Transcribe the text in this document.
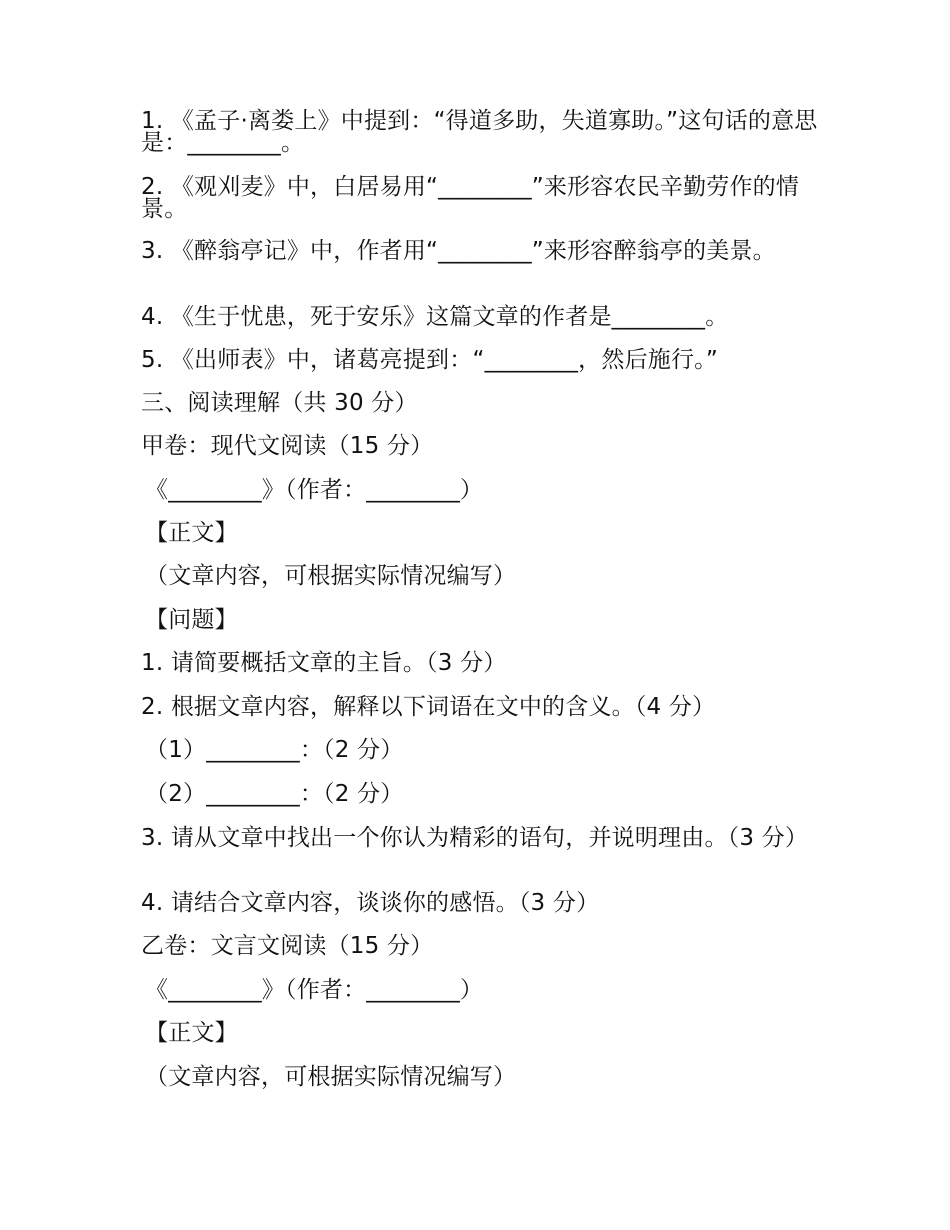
1. 《孟子·离娄上》中提到：“得道多助，失道寡助。”这句话的意思是：________。
2. 《观刈麦》中，白居易用“________”来形容农民辛勤劳作的情景。
3. 《醉翁亭记》中，作者用“________”来形容醉翁亭的美景。
4. 《生于忧患，死于安乐》这篇文章的作者是________。
5. 《出师表》中，诸葛亮提到：“________，然后施行。”
三、阅读理解（共 30 分）
甲卷：现代文阅读（15 分）
《________》（作者：________）
【正文】
（文章内容，可根据实际情况编写）
【问题】
1. 请简要概括文章的主旨。（3 分）
2. 根据文章内容，解释以下词语在文中的含义。（4 分）
（1）________：（2 分）
（2）________：（2 分）
3. 请从文章中找出一个你认为精彩的语句，并说明理由。（3 分）
4. 请结合文章内容，谈谈你的感悟。（3 分）
乙卷：文言文阅读（15 分）
《________》（作者：________）
【正文】
（文章内容，可根据实际情况编写）
